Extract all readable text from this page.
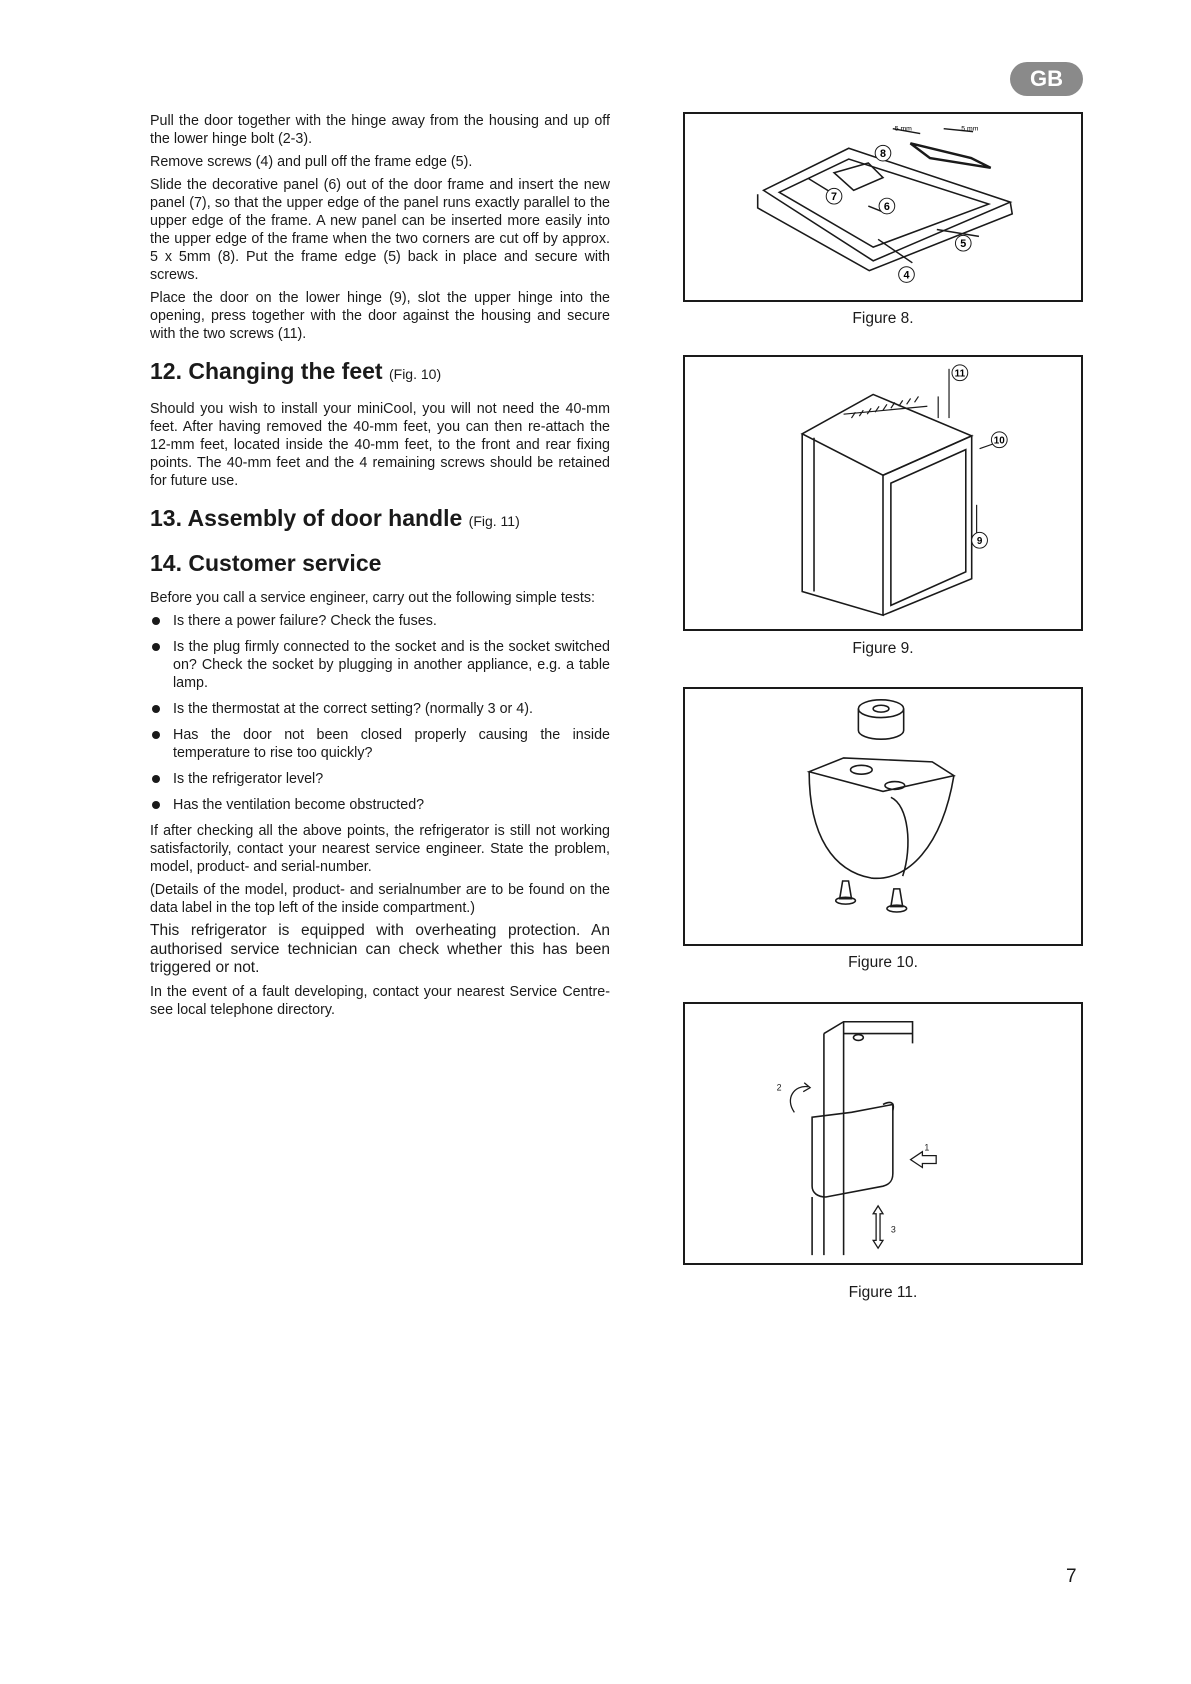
GB

Pull the door together with the hinge away from the housing and up off the lower hinge bolt (2-3).

Remove screws (4) and pull off the frame edge (5).

Slide the decorative panel (6) out of the door frame and insert the new panel (7), so that the upper edge of the panel runs exactly parallel to the upper edge of the frame. A new panel can be inserted more easily into the upper edge of the frame when the two corners are cut off by approx. 5 x 5mm (8). Put the frame edge (5) back in place and secure with screws.

Place the door on the lower hinge (9), slot the upper hinge into the opening, press together with the door against the housing and secure with the two screws (11).

12. Changing the feet (Fig. 10)

Should you wish to install your miniCool, you will not need the 40-mm feet. After having removed the 40-mm feet, you can then re-attach the 12-mm feet, located inside the 40-mm feet, to the front and rear fixing points. The 40-mm feet and the 4 remaining screws should be retained for future use.

13. Assembly of door handle (Fig. 11)
14. Customer service

Before you call a service engineer, carry out the following simple tests:

Is there a power failure? Check the fuses.
Is the plug firmly connected to the socket and is the socket switched on? Check the socket by plugging in another appliance, e.g. a table lamp.
Is the thermostat at the correct setting? (normally 3 or 4).
Has the door not been closed properly causing the inside temperature to rise too quickly?
Is the refrigerator level?
Has the ventilation become obstructed?

If after checking all the above points, the refrigerator is still not working satisfactorily, contact your nearest service engineer. State the problem, model, product- and serial-number.

(Details of the model, product- and serialnumber are to be found on the data label in the top left of the inside compartment.)

This refrigerator is equipped with overheating protection. An authorised service technician can check whether this has been triggered or not.

In the event of a fault developing, contact your nearest Service Centre-see local telephone directory.

5 mm	5 mm
8
7
6
5
4
Figure 8.
11
10
9
Figure 9.
Figure 10.
2
1
3
Figure 11.
7
